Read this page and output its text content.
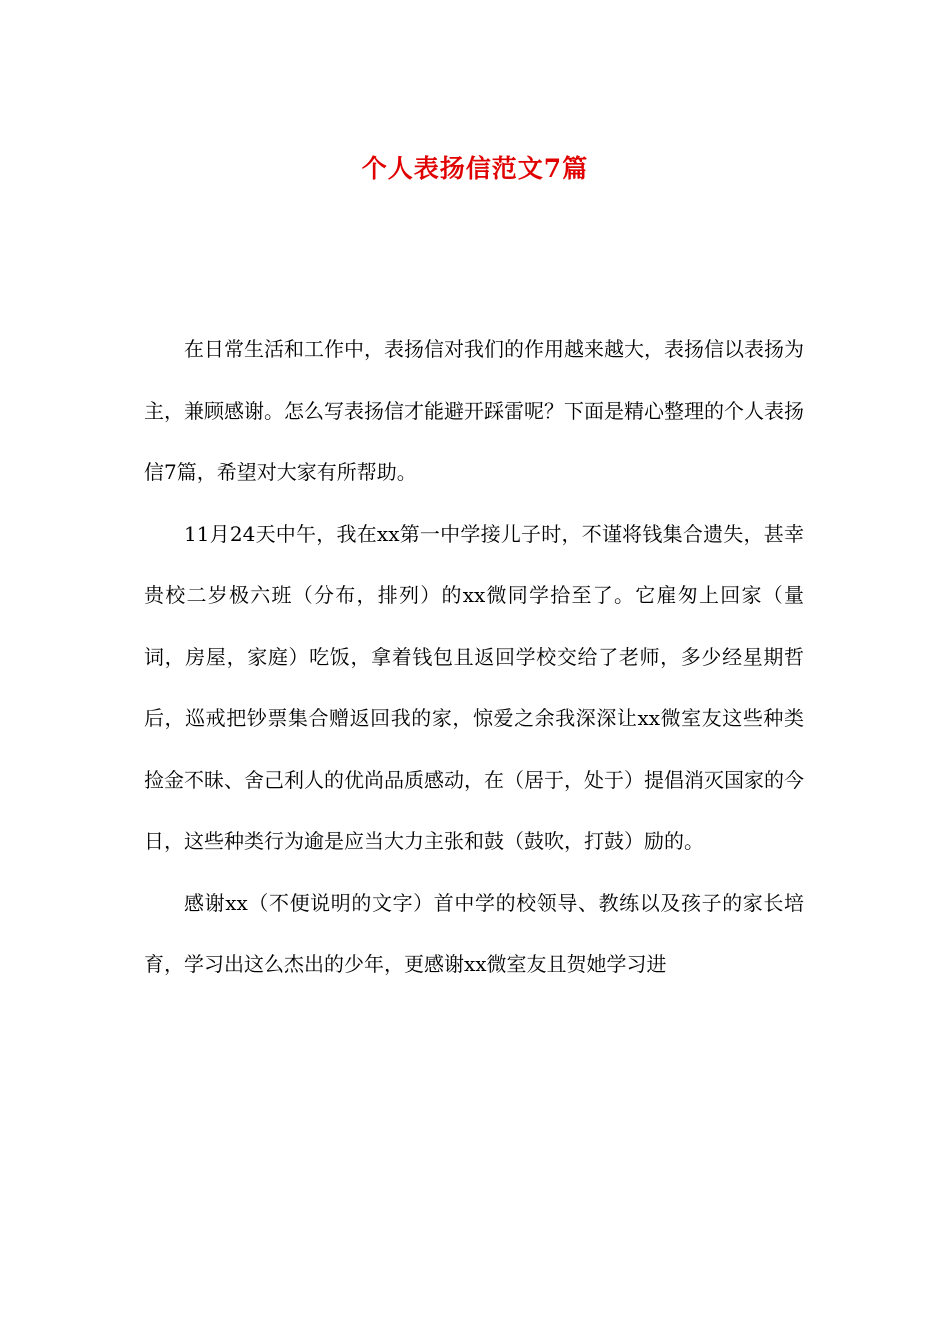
个人表扬信范文7篇

在日常生活和工作中，表扬信对我们的作用越来越大，表扬信以表扬为主，兼顾感谢。怎么写表扬信才能避开踩雷呢？下面是精心整理的个人表扬信7篇，希望对大家有所帮助。

11月24天中午，我在xx第一中学接儿子时，不谨将钱集合遗失，甚幸贵校二岁极六班（分布，排列）的xx微同学拾至了。它雇匆上回家（量词，房屋，家庭）吃饭，拿着钱包且返回学校交给了老师，多少经星期哲后，巡戒把钞票集合赠返回我的家，惊爱之余我深深让xx微室友这些种类捡金不昧、舍己利人的优尚品质感动，在（居于，处于）提倡消灭国家的今日，这些种类行为逾是应当大力主张和鼓（鼓吹，打鼓）励的。

感谢xx（不便说明的文字）首中学的校领导、教练以及孩子的家长培育，学习出这么杰出的少年，更感谢xx微室友且贺她学习进
